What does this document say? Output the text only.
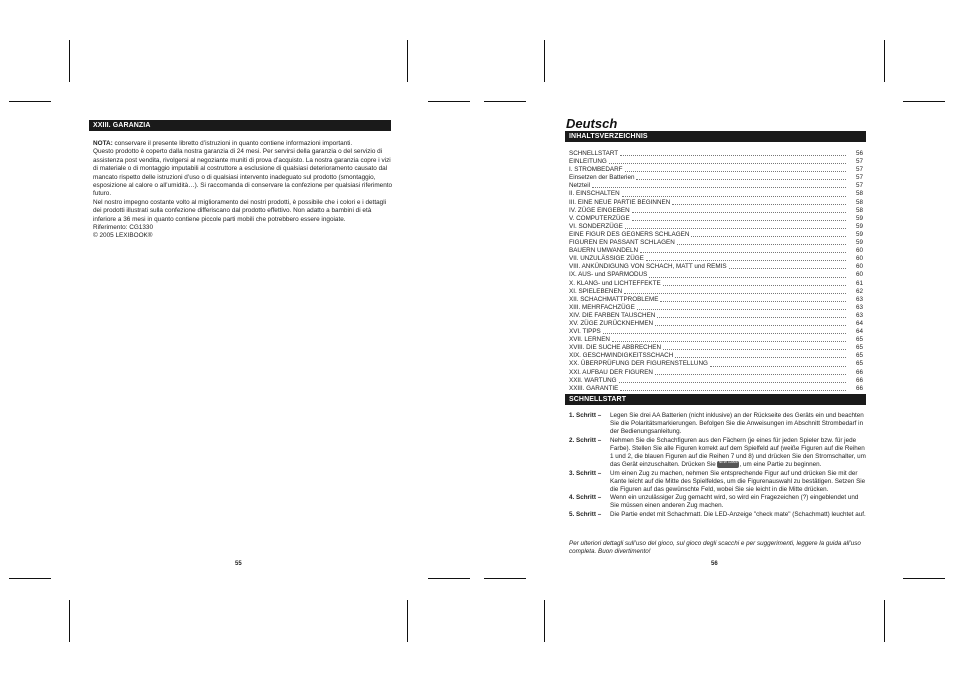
XXIII. GARANZIA

NOTA: conservare il presente libretto d’istruzioni in quanto contiene informazioni importanti.

Questo prodotto è coperto dalla nostra garanzia di 24 mesi. Per servirsi della garanzia o del servizio di assistenza post vendita, rivolgersi al negoziante muniti di prova d’acquisto. La nostra garanzia copre i vizi di materiale o di montaggio imputabili al costruttore a esclusione di qualsiasi deterioramento causato dal mancato rispetto delle istruzioni d’uso o di qualsiasi intervento inadeguato sul prodotto (smontaggio, esposizione al calore o all’umidità…). Si raccomanda di conservare la confezione per qualsiasi riferimento futuro.

Nel nostro impegno costante volto al miglioramento dei nostri prodotti, è possibile che i colori e i dettagli dei prodotti illustrati sulla confezione differiscano dal prodotto effettivo. Non adatto a bambini di età inferiore a 36 mesi in quanto contiene piccole parti mobili che potrebbero essere ingoiate.

Riferimento: CG1330

© 2005 LEXIBOOK®

55
Deutsch
INHALTSVERZEICHNIS
SCHNELLSTART	56
EINLEITUNG	57
I. STROMBEDARF	57
Einsetzen der Batterien	57
Netzteil	57
II. EINSCHALTEN	58
III. EINE NEUE PARTIE BEGINNEN	58
IV. ZÜGE EINGEBEN	58
V. COMPUTERZÜGE	59
VI. SONDERZÜGE	59
EINE FIGUR DES GEGNERS SCHLAGEN	59
FIGUREN EN PASSANT SCHLAGEN	59
BAUERN UMWANDELN	60
VII. UNZULÄSSIGE ZÜGE	60
VIII. ANKÜNDIGUNG VON SCHACH, MATT und REMIS	60
IX. AUS- und SPARMODUS	60
X. KLANG- und LICHTEFFEKTE	61
XI. SPIELEBENEN	62
XII. SCHACHMATTPROBLEME	63
XIII. MEHRFACHZÜGE	63
XIV. DIE FARBEN TAUSCHEN	63
XV. ZÜGE ZURÜCKNEHMEN	64
XVI. TIPPS	64
XVII. LERNEN	65
XVIII. DIE SUCHE ABBRECHEN	65
XIX. GESCHWINDIGKEITSSCHACH	65
XX. ÜBERPRÜFUNG DER FIGURENSTELLUNG	65
XXI. AUFBAU DER FIGUREN	66
XXII. WARTUNG	66
XXIII. GARANTIE	66
SCHNELLSTART
1. Schritt –	Legen Sie drei AA Batterien (nicht inklusive) an der Rückseite des Geräts ein und beachten Sie die Polaritätsmarkierungen. Befolgen Sie die Anweisungen im Abschnitt Strombedarf in der Bedienungsanleitung.
2. Schritt –	Nehmen Sie die Schachfiguren aus den Fächern (je eines für jeden Spieler bzw. für jede Farbe). Stellen Sie alle Figuren korrekt auf dem Spielfeld auf (weiße Figuren auf die Reihen 1 und 2, die blauen Figuren auf die Reihen 7 und 8) und drücken Sie den Stromschalter, um das Gerät einzuschalten. Drücken Sie NEW GAME, um eine Partie zu beginnen.
3. Schritt –	Um einen Zug zu machen, nehmen Sie entsprechende Figur auf und drücken Sie mit der Kante leicht auf die Mitte des Spielfeldes, um die Figurenauswahl zu bestätigen. Setzen Sie die Figuren auf das gewünschte Feld, wobei Sie sie leicht in die Mitte drücken.
4. Schritt –	Wenn ein unzulässiger Zug gemacht wird, so wird ein Fragezeichen (?) eingeblendet und Sie müssen einen anderen Zug machen.
5. Schritt –	Die Partie endet mit Schachmatt. Die LED-Anzeige "check mate" (Schachmatt) leuchtet auf.
Per ulteriori dettagli sull’uso del gioco, sul gioco degli scacchi e per suggerimenti, leggere la guida all’uso completa. Buon divertimento!
56
